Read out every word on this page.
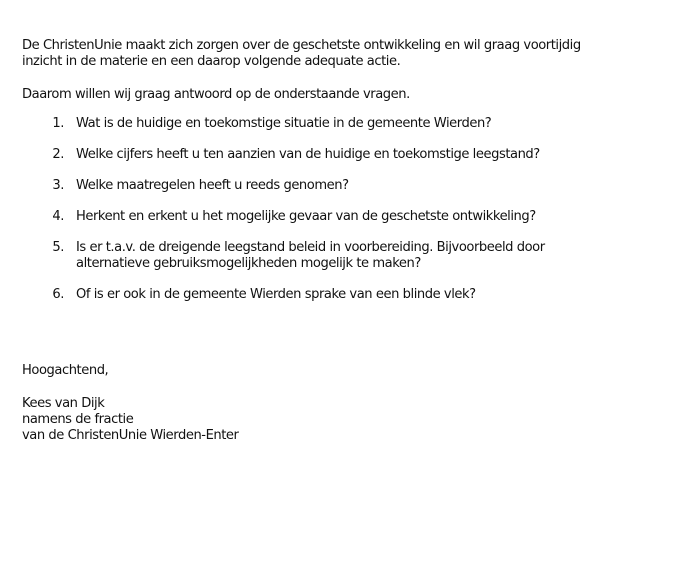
De ChristenUnie maakt zich zorgen over de geschetste ontwikkeling en wil graag voortijdig
inzicht in de materie en een daarop volgende adequate actie.

Daarom willen wij graag antwoord op de onderstaande vragen.

1. Wat is de huidige en toekomstige situatie in de gemeente Wierden?
2. Welke cijfers heeft u ten aanzien van de huidige en toekomstige leegstand?
3. Welke maatregelen heeft u reeds genomen?
4. Herkent en erkent u het mogelijke gevaar van de geschetste ontwikkeling?
5. Is er t.a.v. de dreigende leegstand beleid in voorbereiding. Bijvoorbeeld door
alternatieve gebruiksmogelijkheden mogelijk te maken?
6. Of is er ook in de gemeente Wierden sprake van een blinde vlek?

Hoogachtend,

Kees van Dijk
namens de fractie
van de ChristenUnie Wierden-Enter
